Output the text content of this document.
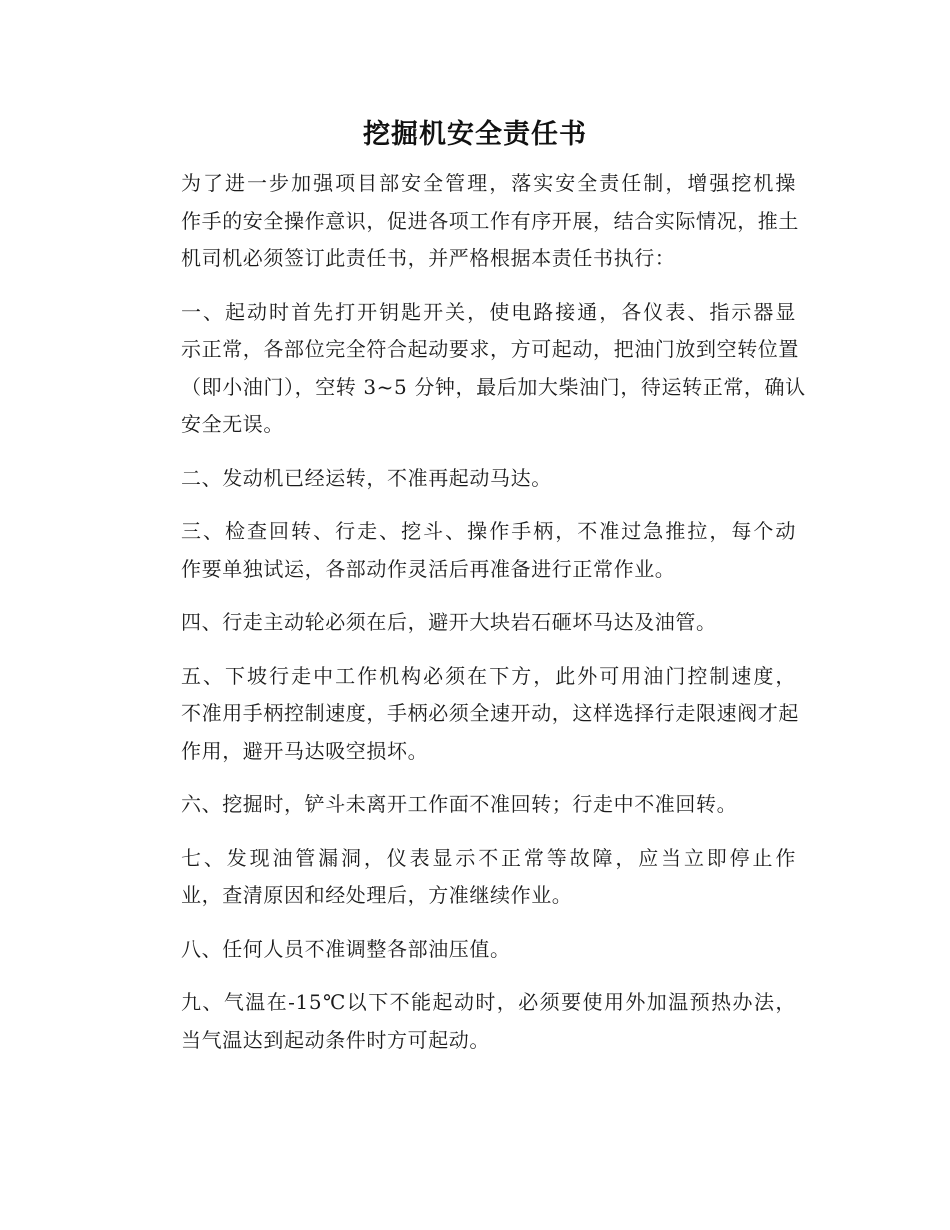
挖掘机安全责任书

为了进一步加强项目部安全管理，落实安全责任制，增强挖机操
作手的安全操作意识，促进各项工作有序开展，结合实际情况，推土
机司机必须签订此责任书，并严格根据本责任书执行：

一、起动时首先打开钥匙开关，使电路接通，各仪表、指示器显
示正常，各部位完全符合起动要求，方可起动，把油门放到空转位置
（即小油门），空转 3~5 分钟，最后加大柴油门，待运转正常，确认
安全无误。

二、发动机已经运转，不准再起动马达。

三、检查回转、行走、挖斗、操作手柄，不准过急推拉，每个动
作要单独试运，各部动作灵活后再准备进行正常作业。

四、行走主动轮必须在后，避开大块岩石砸坏马达及油管。

五、下坡行走中工作机构必须在下方，此外可用油门控制速度，
不准用手柄控制速度，手柄必须全速开动，这样选择行走限速阀才起
作用，避开马达吸空损坏。

六、挖掘时，铲斗未离开工作面不准回转；行走中不准回转。

七、发现油管漏洞，仪表显示不正常等故障，应当立即停止作
业，查清原因和经处理后，方准继续作业。

八、任何人员不准调整各部油压值。

九、气温在-15℃以下不能起动时，必须要使用外加温预热办法，
当气温达到起动条件时方可起动。
